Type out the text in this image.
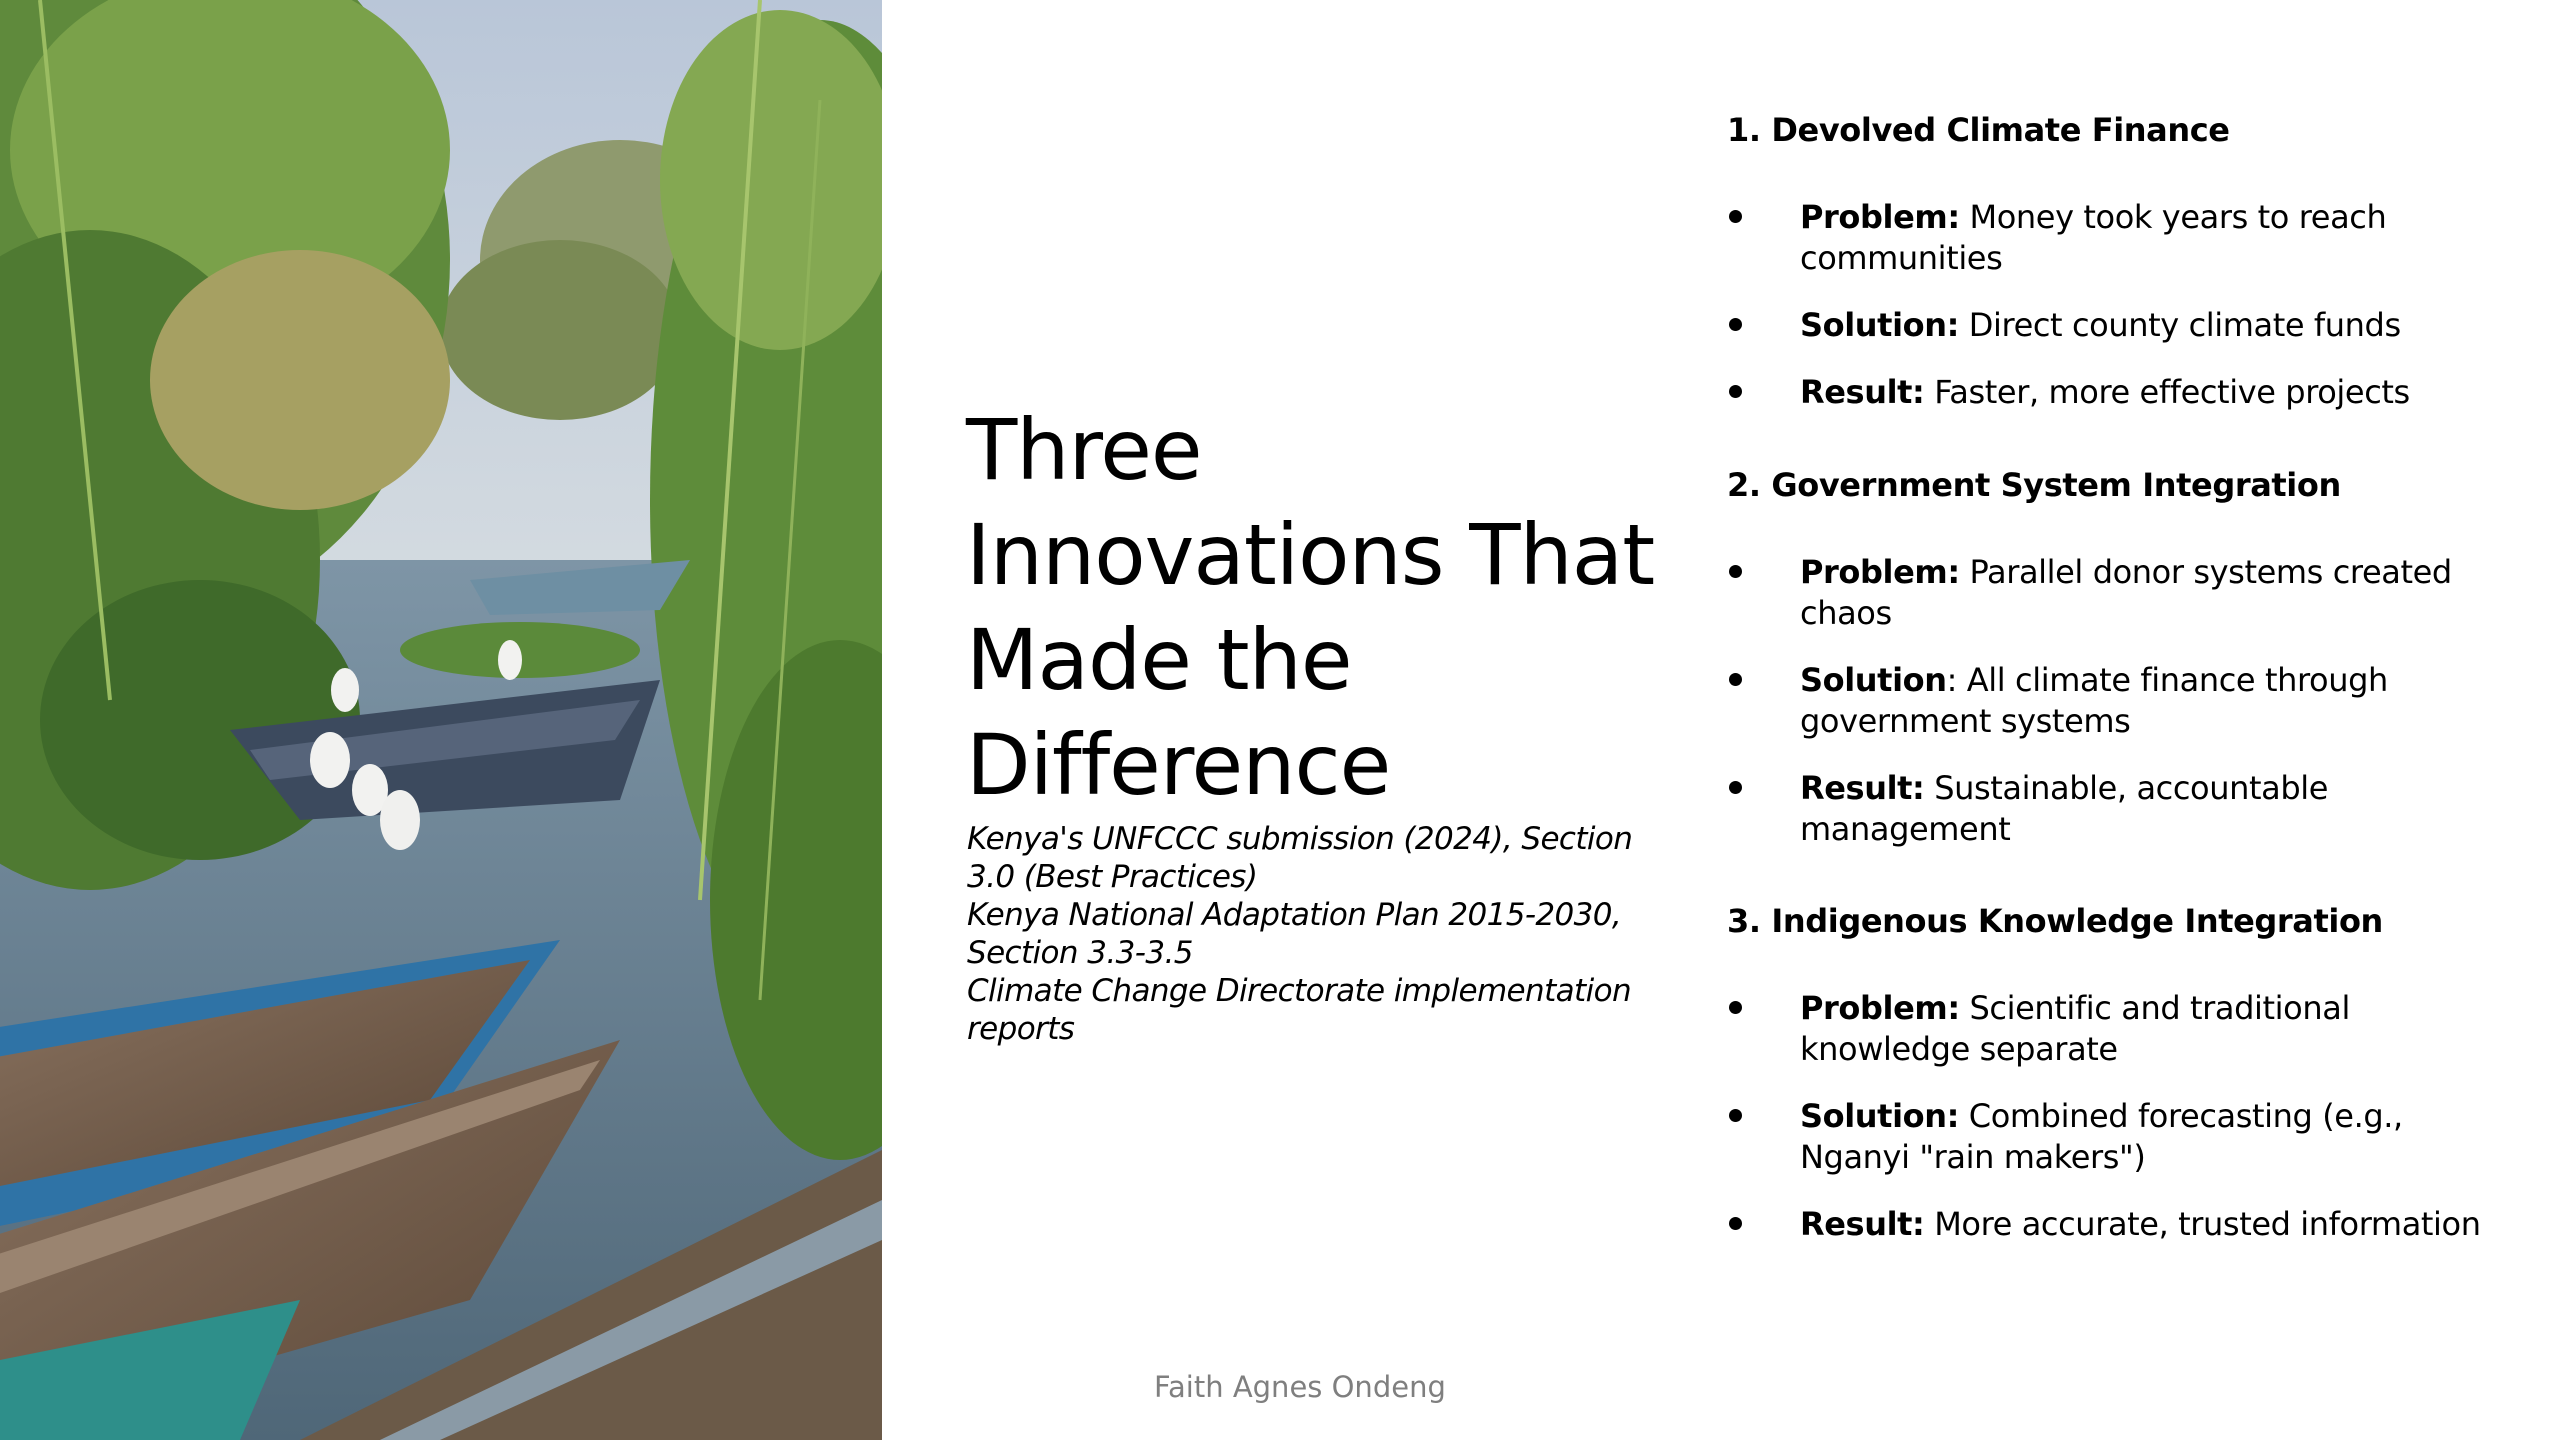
Three
Innovations That
Made the
Difference
Kenya's UNFCCC submission (2024), Section 3.0 (Best Practices)
Kenya National Adaptation Plan 2015-2030, Section 3.3-3.5
Climate Change Directorate implementation reports
Faith Agnes Ondeng
1. Devolved Climate Finance
Problem: Money took years to reach communities
Solution: Direct county climate funds
Result: Faster, more effective projects
2. Government System Integration
Problem: Parallel donor systems created chaos
Solution: All climate finance through government systems
Result: Sustainable, accountable management
3. Indigenous Knowledge Integration
Problem: Scientific and traditional knowledge separate
Solution: Combined forecasting (e.g., Nganyi "rain makers")
Result: More accurate, trusted information
